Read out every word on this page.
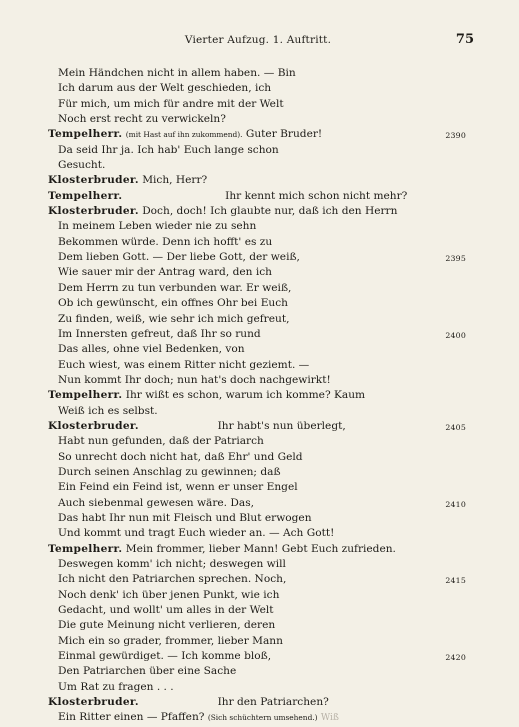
Vierter Aufzug. 1. Auftritt.	75
Mein Händchen nicht in allem haben. — Bin
Ich darum aus der Welt geschieden, ich
Für mich, um mich für andre mit der Welt
Noch erst recht zu verwickeln?
Tempelherr. (mit Hast auf ihn zukommend). Guter Bruder!	2390
Da seid Ihr ja. Ich hab' Euch lange schon
Gesucht.
Klosterbruder. Mich, Herr?
Tempelherr.	Ihr kennt mich schon nicht mehr?
Klosterbruder. Doch, doch! Ich glaubte nur, daß ich den Herrn
In meinem Leben wieder nie zu sehn
Bekommen würde. Denn ich hofft' es zu
Dem lieben Gott. — Der liebe Gott, der weiß,	2395
Wie sauer mir der Antrag ward, den ich
Dem Herrn zu tun verbunden war. Er weiß,
Ob ich gewünscht, ein offnes Ohr bei Euch
Zu finden, weiß, wie sehr ich mich gefreut,
Im Innersten gefreut, daß Ihr so rund	2400
Das alles, ohne viel Bedenken, von
Euch wiest, was einem Ritter nicht geziemt. —
Nun kommt Ihr doch; nun hat's doch nachgewirkt!
Tempelherr. Ihr wißt es schon, warum ich komme? Kaum
Weiß ich es selbst.
Klosterbruder.	Ihr habt's nun überlegt,	2405
Habt nun gefunden, daß der Patriarch
So unrecht doch nicht hat, daß Ehr' und Geld
Durch seinen Anschlag zu gewinnen; daß
Ein Feind ein Feind ist, wenn er unser Engel
Auch siebenmal gewesen wäre. Das,	2410
Das habt Ihr nun mit Fleisch und Blut erwogen
Und kommt und tragt Euch wieder an. — Ach Gott!
Tempelherr. Mein frommer, lieber Mann! Gebt Euch zufrieden.
Deswegen komm' ich nicht; deswegen will
Ich nicht den Patriarchen sprechen. Noch,	2415
Noch denk' ich über jenen Punkt, wie ich
Gedacht, und wollt' um alles in der Welt
Die gute Meinung nicht verlieren, deren
Mich ein so grader, frommer, lieber Mann
Einmal gewürdiget. — Ich komme bloß,	2420
Den Patriarchen über eine Sache
Um Rat zu fragen . . .
Klosterbruder.	Ihr den Patriarchen?
Ein Ritter einen — Pfaffen? (Sich schüchtern umsehend.) Wiß
